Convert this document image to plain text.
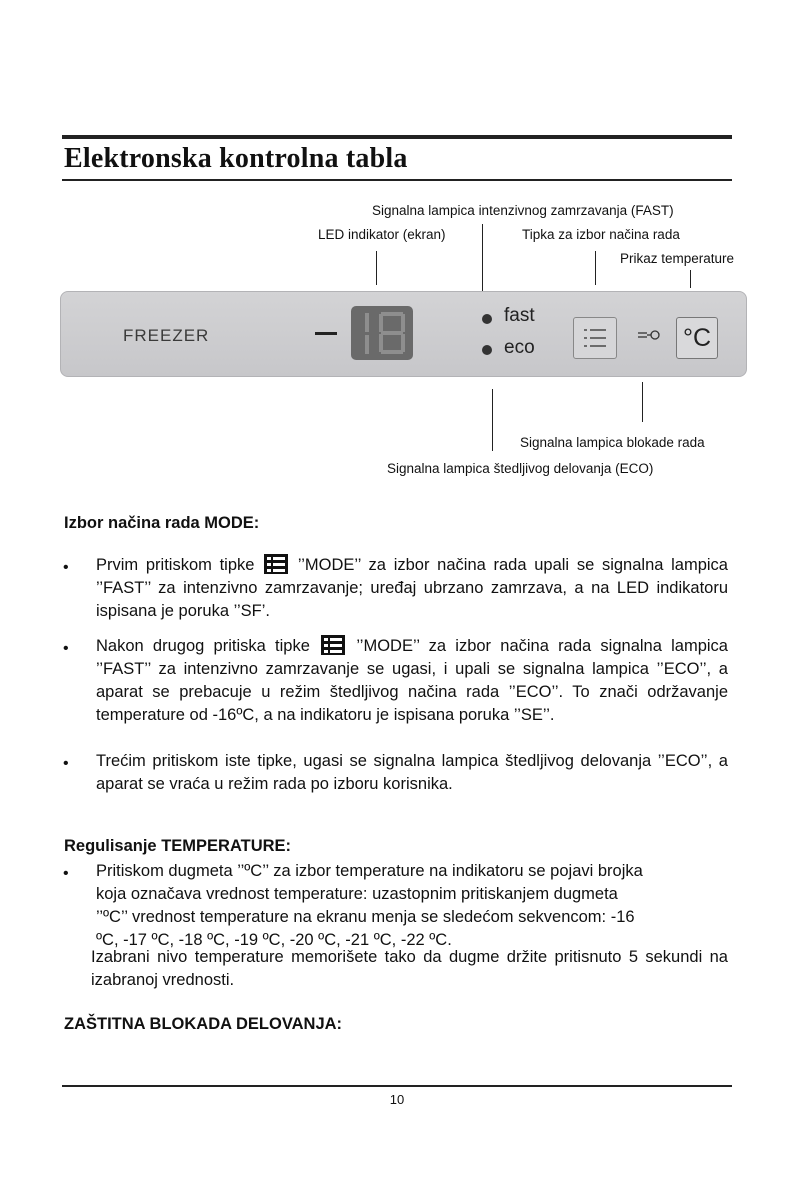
Elektronska kontrolna tabla
Signalna lampica intenzivnog zamrzavanja (FAST)
LED indikator (ekran)	Tipka za izbor načina rada
Prikaz temperature
FREEZER
fast
eco	°C
Signalna lampica blokade rada
Signalna lampica štedljivog delovanja (ECO)
Izbor načina rada MODE:
• Prvim pritiskom tipke	’’MODE’’ za izbor načina rada upali se signalna lampica ’’FAST’’ za intenzivno zamrzavanje; uređaj ubrzano zamrzava, a na LED indikatoru ispisana je poruka ’’SF’.
• Nakon drugog pritiska tipke	’’MODE’’ za izbor načina rada signalna lampica ’’FAST’’ za intenzivno zamrzavanje se ugasi, i upali se signalna lampica ’’ECO’’, a aparat se prebacuje u režim štedljivog načina rada ’’ECO’’. To znači održavanje temperature od -16ºC, a na indikatoru je ispisana poruka ’’SE’’.
• Trećim pritiskom iste tipke, ugasi se signalna lampica štedljivog delovanja ’’ECO’’, a aparat se vraća u režim rada po izboru korisnika.
Regulisanje TEMPERATURE:
• Pritiskom dugmeta ’’ºC’’ za izbor temperature na indikatoru se pojavi brojka
koja označava vrednost temperature: uzastopnim pritiskanjem dugmeta
’’ºC’’ vrednost temperature na ekranu menja se sledećom sekvencom: -16
ºC, -17 ºC, -18 ºC, -19 ºC, -20 ºC, -21 ºC, -22 ºC.
Izabrani nivo temperature memorišete tako da dugme držite pritisnuto 5 sekundi na izabranoj vrednosti.
ZAŠTITNA BLOKADA DELOVANJA:
10
